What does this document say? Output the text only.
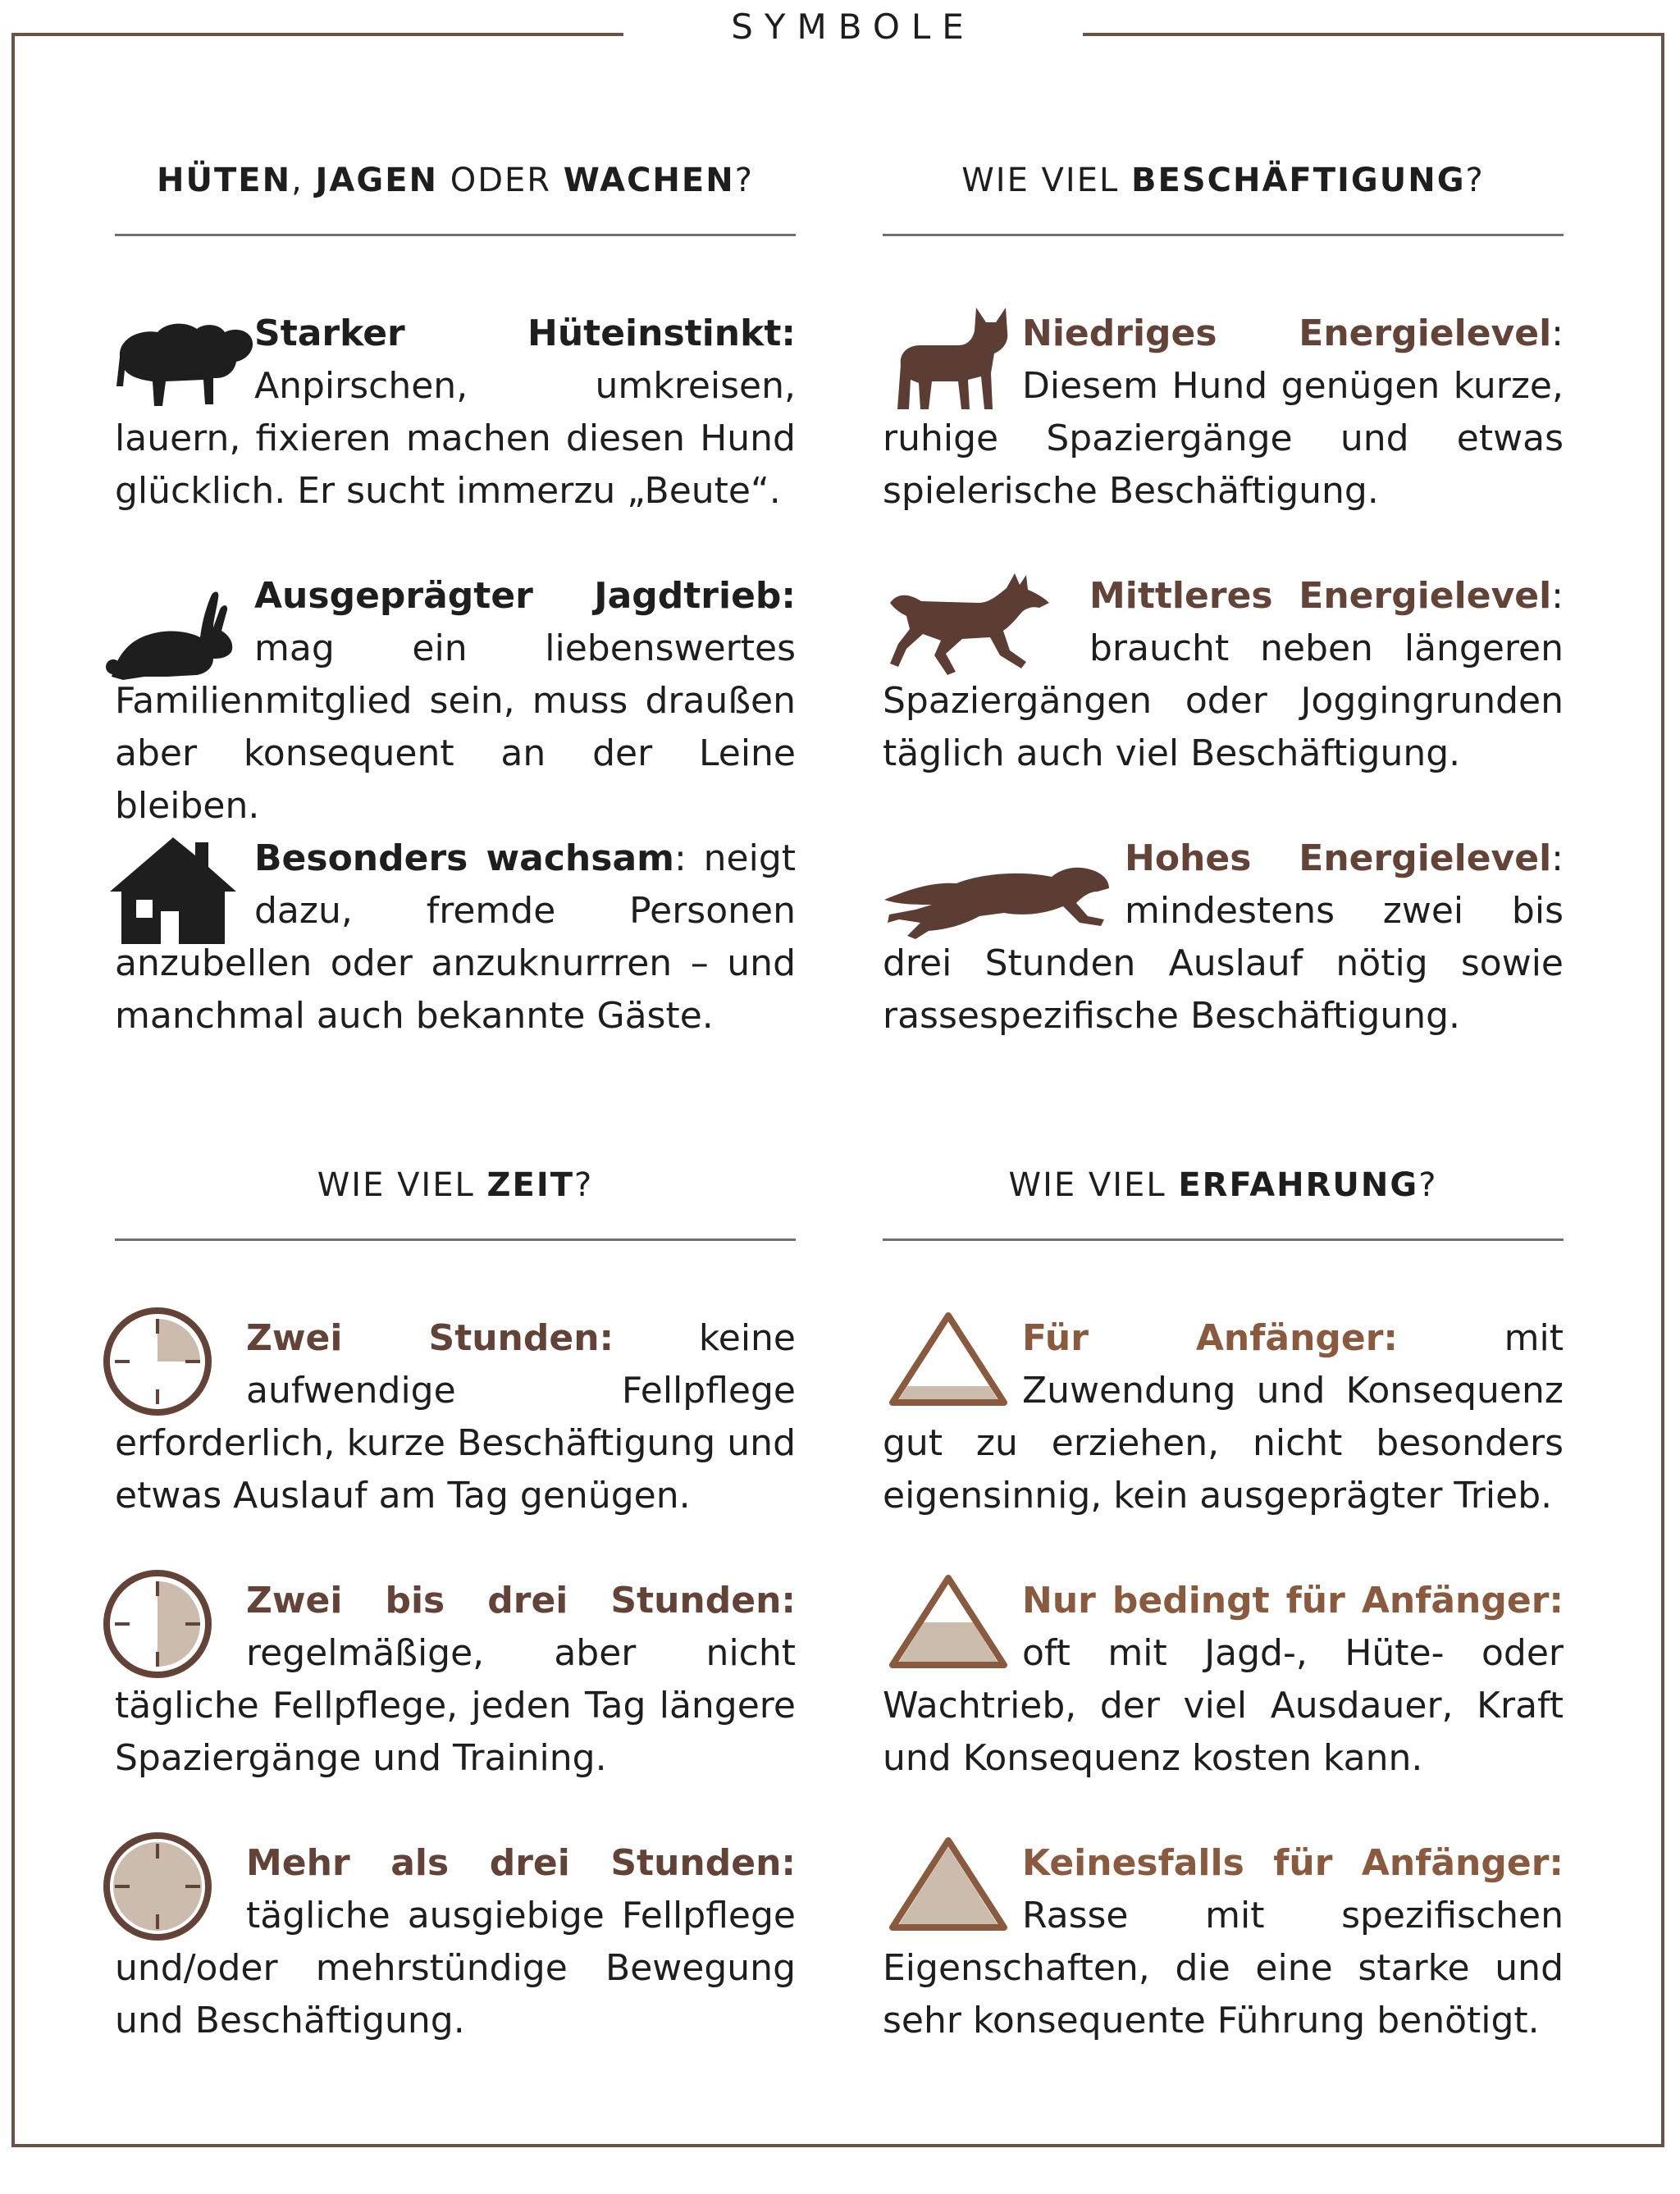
SYMBOLE
HÜTEN, JAGEN ODER WACHEN?

Starker Hüteinstinkt: Anpirschen, umkreisen, lauern, fixieren machen diesen Hund glücklich. Er sucht immerzu „Beute“.

Ausgeprägter Jagdtrieb: mag ein liebenswertes Familienmitglied sein, muss draußen aber konsequent an der Leine bleiben.

Besonders wachsam: neigt dazu, fremde Personen anzubellen oder anzuknurrren – und manchmal auch bekannte Gäste.

WIE VIEL BESCHÄFTIGUNG?

Niedriges Energielevel: Diesem Hund genügen kurze, ruhige Spaziergänge und etwas spielerische Beschäftigung.

Mittleres Energielevel: braucht neben längeren Spaziergängen oder Joggingrunden täglich auch viel Beschäftigung.

Hohes Energielevel: mindestens zwei bis drei Stunden Auslauf nötig sowie rassespezifische Beschäftigung.

WIE VIEL ZEIT?

Zwei Stunden: keine aufwendige Fellpflege erforderlich, kurze Beschäftigung und etwas Auslauf am Tag genügen.

Zwei bis drei Stunden: regelmäßige, aber nicht tägliche Fellpflege, jeden Tag längere Spaziergänge und Training.

Mehr als drei Stunden: tägliche ausgiebige Fellpflege und/oder mehrstündige Bewegung und Beschäftigung.

WIE VIEL ERFAHRUNG?

Für Anfänger: mit Zuwendung und Konsequenz gut zu erziehen, nicht besonders eigensinnig, kein ausgeprägter Trieb.

Nur bedingt für Anfänger: oft mit Jagd-, Hüte- oder Wachtrieb, der viel Ausdauer, Kraft und Konsequenz kosten kann.

Keinesfalls für Anfänger: Rasse mit spezifischen Eigenschaften, die eine starke und sehr konsequente Führung benötigt.
